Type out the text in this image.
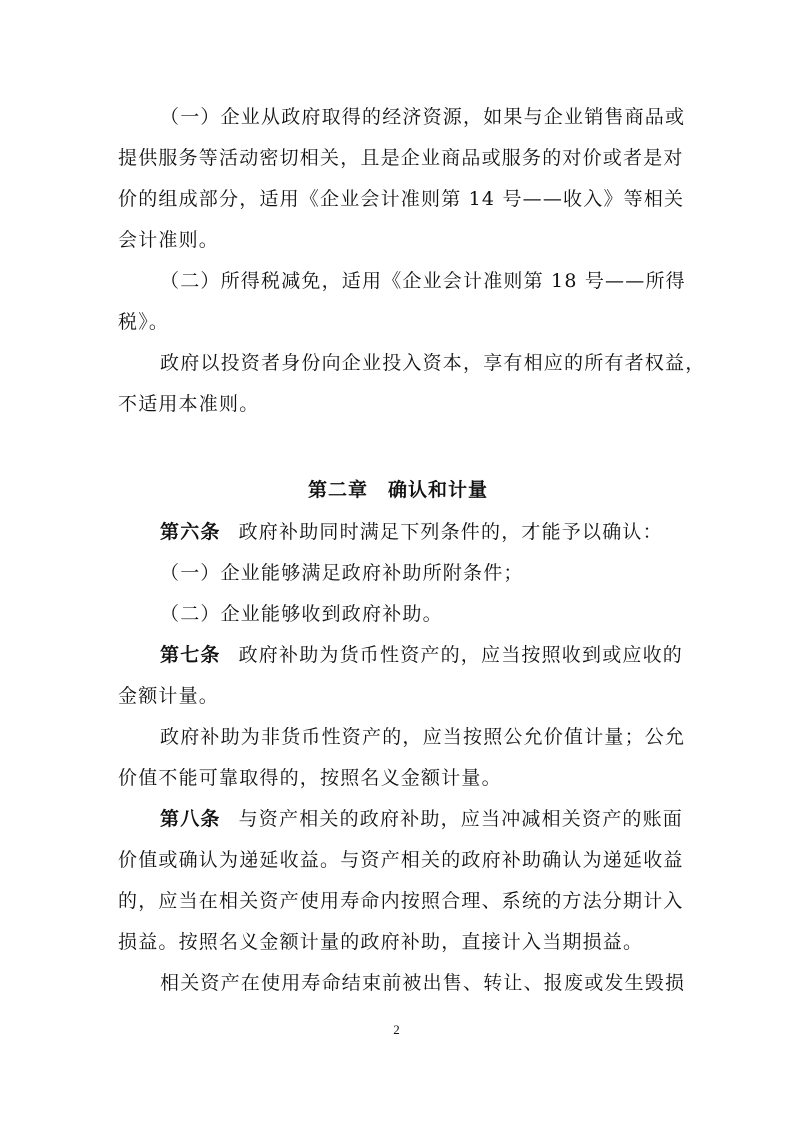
（一）企业从政府取得的经济资源，如果与企业销售商品或
提供服务等活动密切相关，且是企业商品或服务的对价或者是对
价的组成部分，适用《企业会计准则第 14 号——收入》等相关
会计准则。
（二）所得税减免，适用《企业会计准则第 18 号——所得
税》。
政府以投资者身份向企业投入资本，享有相应的所有者权益，
不适用本准则。
第二章　确认和计量
第六条 政府补助同时满足下列条件的，才能予以确认：
（一）企业能够满足政府补助所附条件；
（二）企业能够收到政府补助。
第七条 政府补助为货币性资产的，应当按照收到或应收的
金额计量。
政府补助为非货币性资产的，应当按照公允价值计量；公允
价值不能可靠取得的，按照名义金额计量。
第八条 与资产相关的政府补助，应当冲减相关资产的账面
价值或确认为递延收益。与资产相关的政府补助确认为递延收益
的，应当在相关资产使用寿命内按照合理、系统的方法分期计入
损益。按照名义金额计量的政府补助，直接计入当期损益。
相关资产在使用寿命结束前被出售、转让、报废或发生毁损
2
